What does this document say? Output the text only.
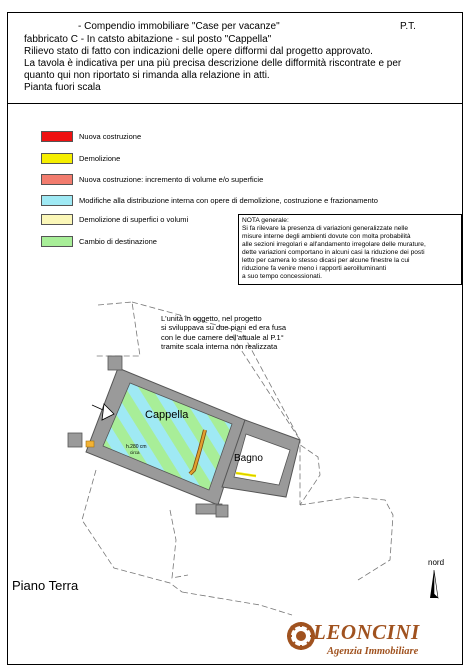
- Compendio immobiliare "Case per vacanze"	P.T.
fabbricato C - In catsto abitazione - sul posto "Cappella"
Rilievo stato di fatto con indicazioni delle opere difformi dal progetto approvato.
La tavola è indicativa per una più precisa descrizione delle difformità riscontrate e per
quanto qui non riportato si rimanda alla relazione in atti.
Pianta fuori scala
Nuova costruzione
Demolizione
Nuova costruzione: incremento di volume e/o superficie
Modifiche alla distribuzione interna con opere di demolizione, costruzione e frazionamento
Demolizione di superfici o volumi
Cambio di destinazione
NOTA generale:
Si fa rilevare la presenza di variazioni generalizzate nelle
misure interne degli ambienti dovute con molta probabilità
alle sezioni irregolari e all'andamento irregolare delle murature,
dette variazioni comportano in alcuni casi la riduzione dei posti
letto per camera lo stesso dicasi per alcune finestre la cui
riduzione fa venire meno i rapporti aeroilluminanti
a suo tempo concessionati.
L'unità in oggetto, nel progetto
si sviluppava su due piani ed era fusa
con le due camere dell'attuale al P.1°
tramite scala interna non realizzata
Cappella
h.280 cm
circa
Bagno
Piano Terra
nord
LEONCINI
Agenzia Immobiliare
